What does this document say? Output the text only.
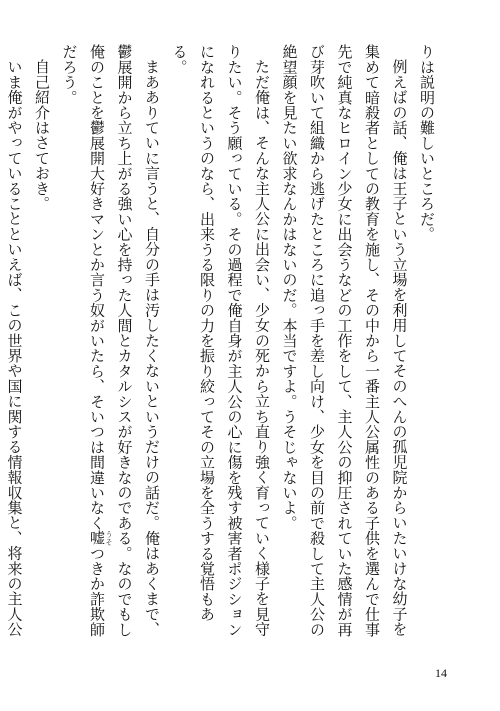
りは説明の難しいところだ。

例えばの話、俺は王子という立場を利用してそのへんの孤児院からいたいけな幼子を集めて暗殺者としての教育を施し、その中から一番主人公属性のある子供を選んで仕事先で純真なヒロイン少女に出会うなどの工作をして、主人公の抑圧されていた感情が再び芽吹いて組織から逃げたところに追っ手を差し向け、少女を目の前で殺して主人公の絶望顔を見たい欲求なんかはないのだ。本当ですよ。うそじゃないよ。

ただ俺は、そんな主人公に出会い、少女の死から立ち直り強く育っていく様子を見守りたい。そう願っている。その過程で俺自身が主人公の心に傷を残す被害者ポジションになれるというのなら、出来うる限りの力を振り絞ってその立場を全うする覚悟もある。

まあありていに言うと、自分の手は汚したくないというだけの話だ。俺はあくまで、鬱展開から立ち上がる強い心を持った人間とカタルシスが好きなのである。なのでもし俺のことを鬱展開大好きマンとか言う奴がいたら、そいつは間違いなく嘘 うそつきか詐欺師だろう。

自己紹介はさておき。

いま俺がやっていることといえば、この世界や国に関する情報収集と、将来の主人公

14
